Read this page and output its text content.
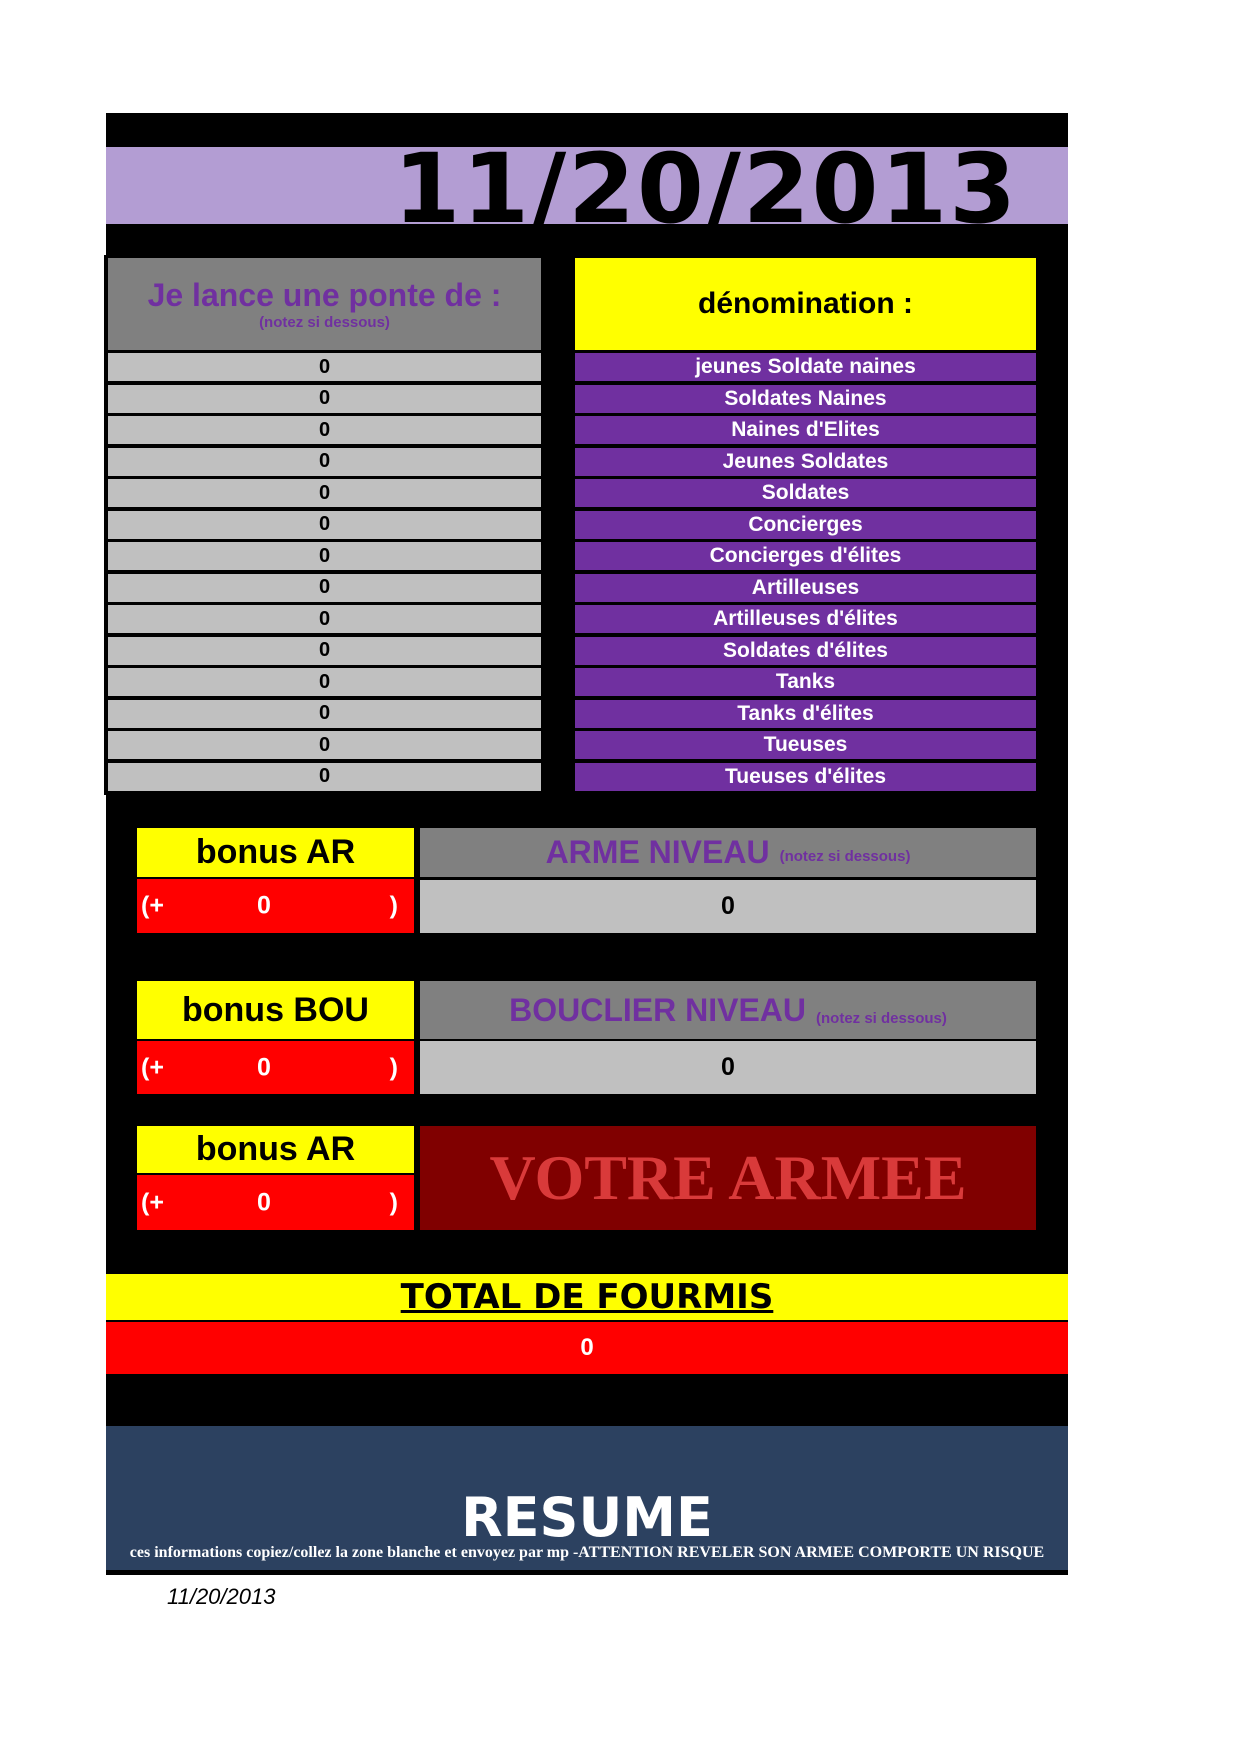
11/20/2013
Je lance une ponte de :
(notez si dessous)
dénomination :
0	jeunes Soldate naines
0	Soldates Naines
0	Naines d'Elites
0	Jeunes Soldates
0	Soldates
0	Concierges
0	Concierges d'élites
0	Artilleuses
0	Artilleuses d'élites
0	Soldates d'élites
0	Tanks
0	Tanks d'élites
0	Tueuses
0	Tueuses d'élites
bonus AR
(+	0	)
ARME NIVEAU (notez si dessous)
0
bonus BOU
(+	0	)
BOUCLIER NIVEAU (notez si dessous)
0
bonus AR
(+	0	)	VOTRE ARMEE
TOTAL DE FOURMIS
0
RESUME
ces informations copiez/collez la zone blanche et envoyez par mp -ATTENTION REVELER SON ARMEE COMPORTE UN RISQUE
11/20/2013
